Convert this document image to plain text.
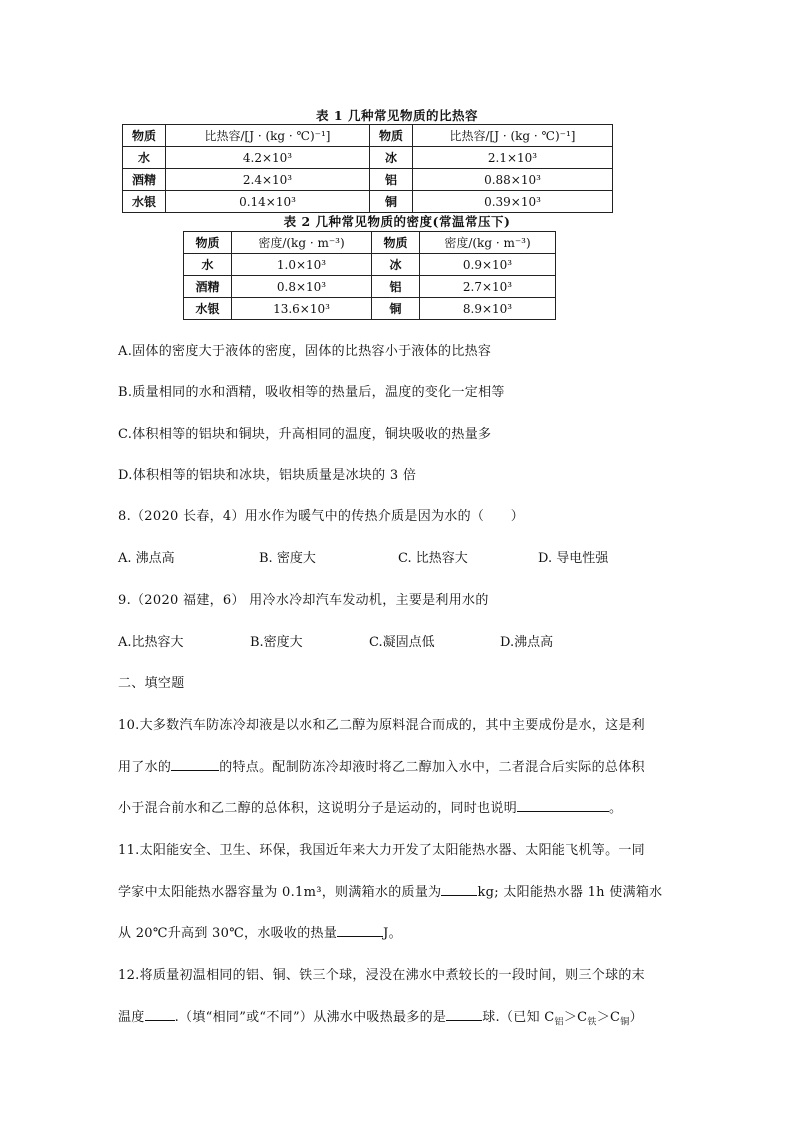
表 1 几种常见物质的比热容
物质	比热容/[J · (kg · ℃)⁻¹]	物质	比热容/[J · (kg · ℃)⁻¹]
水	4.2×10³	冰	2.1×10³
酒精	2.4×10³	铝	0.88×10³
水银	0.14×10³	铜	0.39×10³
表 2 几种常见物质的密度(常温常压下)
物质	密度/(kg · m⁻³)	物质	密度/(kg · m⁻³)
水	1.0×10³	冰	0.9×10³
酒精	0.8×10³	铝	2.7×10³
水银	13.6×10³	铜	8.9×10³
A.固体的密度大于液体的密度，固体的比热容小于液体的比热容
B.质量相同的水和酒精，吸收相等的热量后，温度的变化一定相等
C.体积相等的铝块和铜块，升高相同的温度，铜块吸收的热量多
D.体积相等的铝块和冰块，铝块质量是冰块的 3 倍
8.（2020 长春，4）用水作为暖气中的传热介质是因为水的（　　）
A. 沸点高	B. 密度大	C. 比热容大	D. 导电性强
9.（2020 福建，6） 用冷水冷却汽车发动机，主要是利用水的
A.比热容大	B.密度大	C.凝固点低	D.沸点高
二、填空题
10.大多数汽车防冻冷却液是以水和乙二醇为原料混合而成的，其中主要成份是水，这是利
用了水的	的特点。配制防冻冷却液时将乙二醇加入水中，二者混合后实际的总体积
小于混合前水和乙二醇的总体积，这说明分子是运动的，同时也说明	。
11.太阳能安全、卫生、环保，我国近年来大力开发了太阳能热水器、太阳能飞机等。一同
学家中太阳能热水器容量为 0.1m³，则满箱水的质量为	kg; 太阳能热水器 1h 使满箱水
从 20℃升高到 30℃，水吸收的热量	J。
12.将质量初温相同的铝、铜、铁三个球，浸没在沸水中煮较长的一段时间，则三个球的末
温度 .（填“相同”或“不同”）从沸水中吸热最多的是	球.（已知 $C_铝>C_铁>C_铜$）
